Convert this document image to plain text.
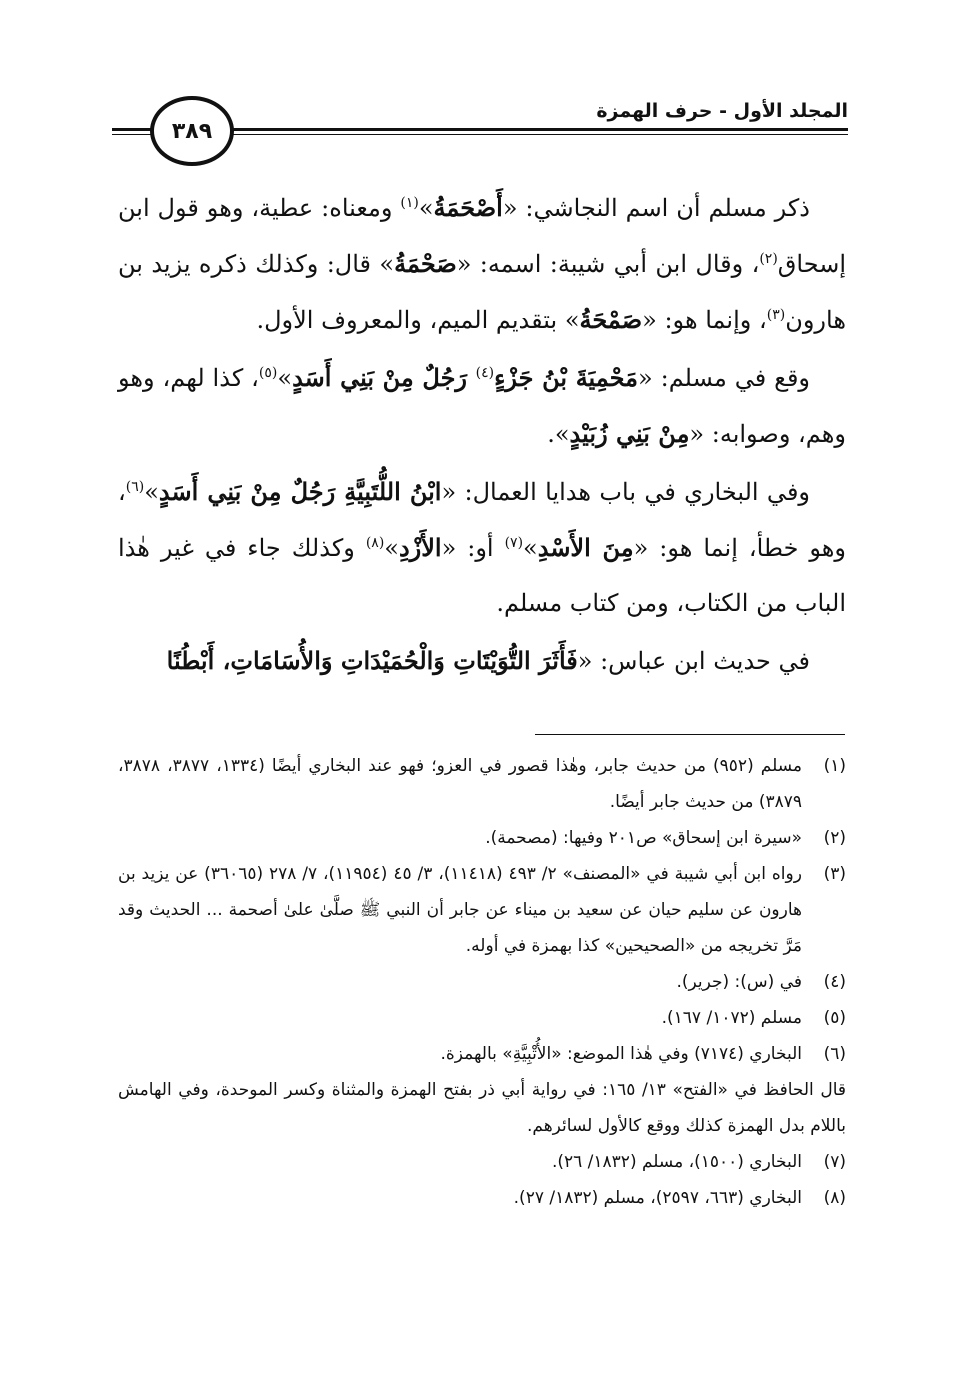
المجلد الأول - حرف الهمزة
٣٨٩

ذكر مسلم أن اسم النجاشي: «أَصْحَمَةُ»$^{(١)}$ ومعناه: عطية، وهو قول ابن إسحاق$^{(٢)}$، وقال ابن أبي شيبة: اسمه: «صَحْمَةُ» قال: وكذلك ذكره يزيد بن هارون$^{(٣)}$، وإنما هو: «صَمْحَةُ» بتقديم الميم، والمعروف الأول.

وقع في مسلم: «مَحْمِيَةَ بْنُ جَزْءٍ$^{(٤)}$ رَجُلٌ مِنْ بَنِي أَسَدٍ»$^{(٥)}$، كذا لهم، وهو وهم، وصوابه: «مِنْ بَنِي زُبَيْدٍ».

وفي البخاري في باب هدايا العمال: «ابْنُ اللُّتَبِيَّةِ رَجُلٌ مِنْ بَنِي أَسَدٍ»$^{(٦)}$، وهو خطأ، إنما هو: «مِنَ الأَسْدِ»$^{(٧)}$ أو: «الأَزْدِ»$^{(٨)}$ وكذلك جاء في غير هٰذا الباب من الكتاب، ومن كتاب مسلم.

في حديث ابن عباس: «فَأَثَرَ التُّوَيْتَاتِ وَالْحُمَيْدَاتِ وَالأُسَامَاتِ، أَبْطُنًا

(١)
مسلم (٩٥٢) من حديث جابر، وهٰذا قصور في العزو؛ فهو عند البخاري أيضًا (١٣٣٤، ٣٨٧٧، ٣٨٧٨، ٣٨٧٩) من حديث جابر أيضًا.
(٢)
«سيرة ابن إسحاق» ص٢٠١ وفيها: (مصحمة).
(٣)
رواه ابن أبي شيبة في «المصنف» ٢/ ٤٩٣ (١١٤١٨)، ٣/ ٤٥ (١١٩٥٤)، ٧/ ٢٧٨ (٣٦٠٦٥) عن يزيد بن هارون عن سليم حيان عن سعيد بن ميناء عن جابر أن النبي ﷺ صلَّىٰ علىٰ أصحمة ... الحديث وقد مَرَّ تخريجه من «الصحيحين» كذا بهمزة في أوله.
(٤)
في (س): (جرير).
(٥)
مسلم (١٠٧٢/ ١٦٧).
(٦)
البخاري (٧١٧٤) وفي هٰذا الموضع: «الأُتْبِيَّةِ» بالهمزة.
قال الحافظ في «الفتح» ١٣/ ١٦٥: في رواية أبي ذر بفتح الهمزة والمثناة وكسر الموحدة، وفي الهامش باللام بدل الهمزة كذلك ووقع كالأول لسائرهم.
(٧)
البخاري (١٥٠٠)، مسلم (١٨٣٢/ ٢٦).
(٨)
البخاري (٦٦٣، ٢٥٩٧)، مسلم (١٨٣٢/ ٢٧).
